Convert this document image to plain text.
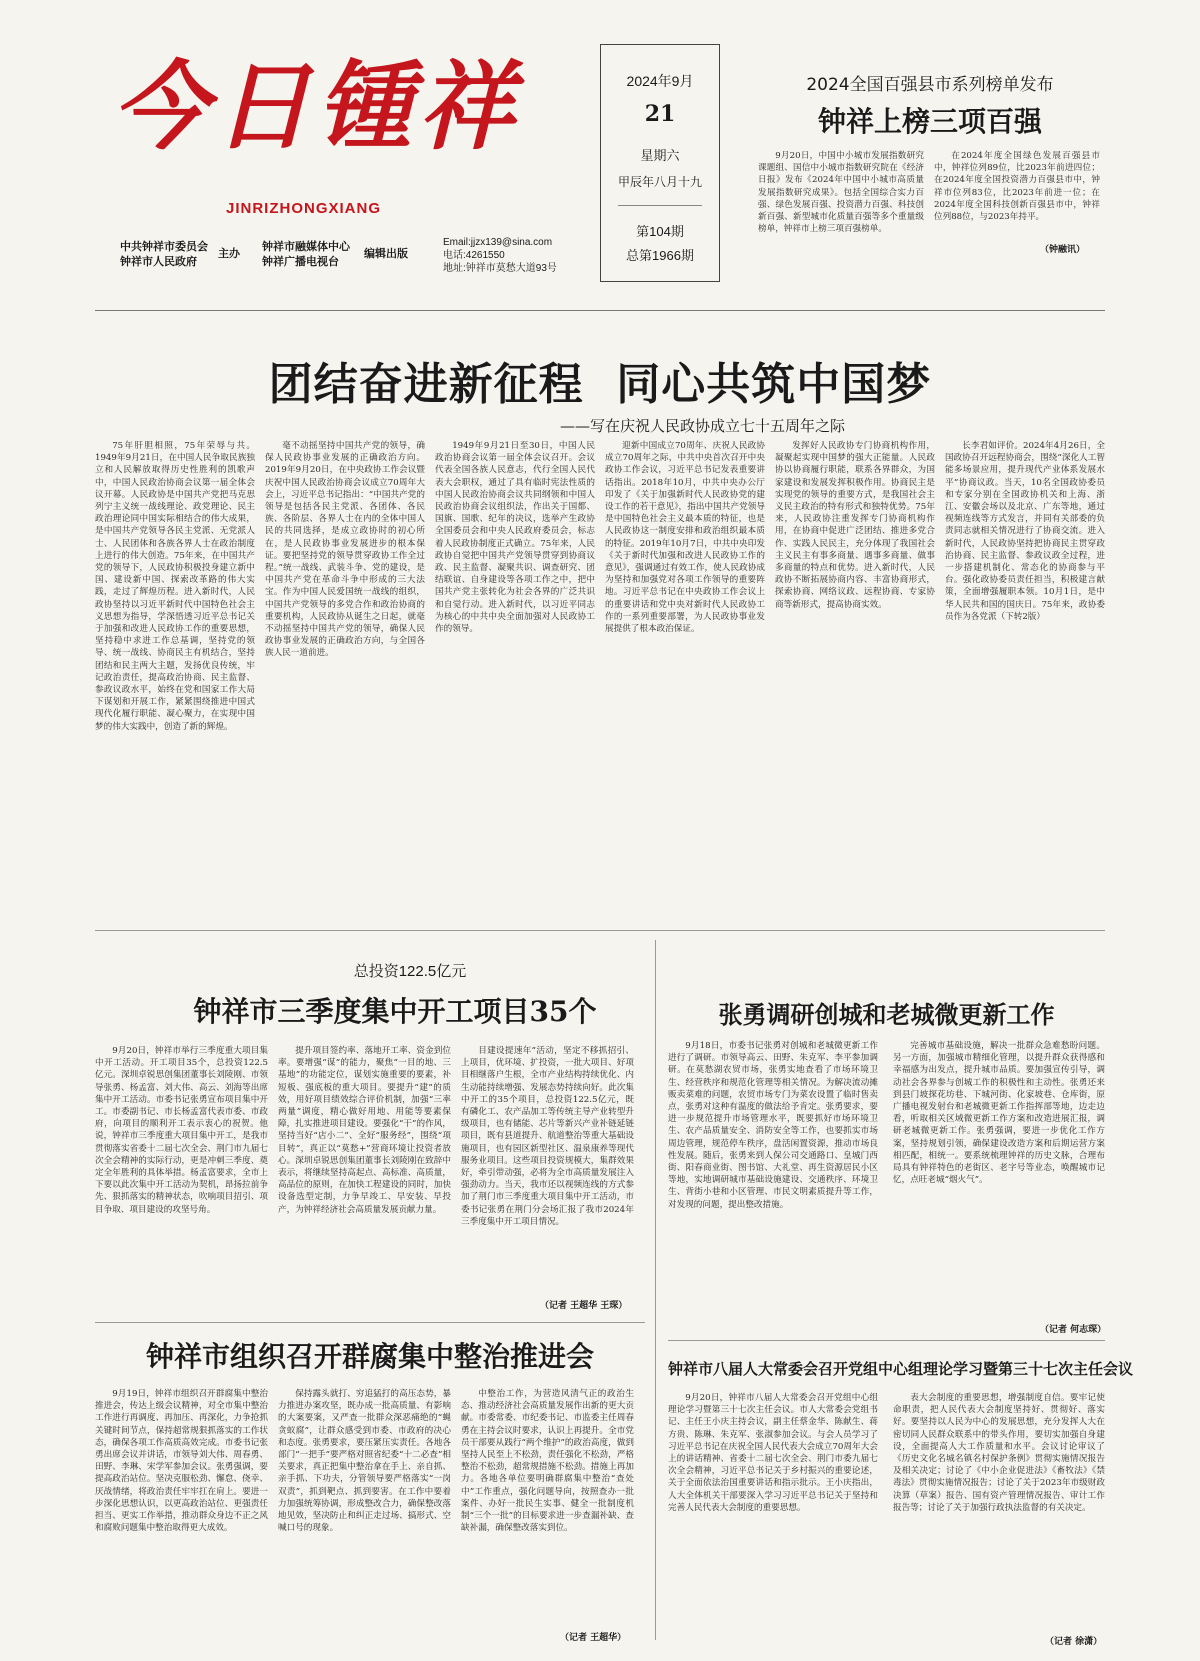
今日锺祥
JINRIZHONGXIANG
中共钟祥市委员会
钟祥市人民政府
主办
钟祥市融媒体中心
钟祥广播电视台
编辑出版
Email:jjzx139@sina.com
电话:4261550
地址:钟祥市莫愁大道93号
2024年9月
21
星期六
甲辰年八月十九
第104期
总第1966期
2024全国百强县市系列榜单发布
钟祥上榜三项百强

9月20日，中国中小城市发展指数研究课题组、国信中小城市指数研究院在《经济日报》发布《2024年中国中小城市高质量发展指数研究成果》。包括全国综合实力百强、绿色发展百强、投资潜力百强、科技创新百强、新型城市化质量百强等多个重量级榜单，钟祥市上榜三项百强榜单。

在2024年度全国绿色发展百强县市中，钟祥位列89位，比2023年前进四位；在2024年度全国投资潜力百强县市中，钟祥市位列83位，比2023年前进一位；在2024年度全国科技创新百强县市中，钟祥位列88位，与2023年持平。

（钟融讯）
团结奋进新征程  同心共筑中国梦
——写在庆祝人民政协成立七十五周年之际

75年肝胆相照，75年荣辱与共。1949年9月21日，在中国人民争取民族独立和人民解放取得历史性胜利的凯歌声中，中国人民政治协商会议第一届全体会议开幕。人民政协是中国共产党把马克思列宁主义统一战线理论、政党理论、民主政治理论同中国实际相结合的伟大成果，是中国共产党领导各民主党派、无党派人士、人民团体和各族各界人士在政治制度上进行的伟大创造。75年来，在中国共产党的领导下，人民政协积极投身建立新中国、建设新中国、探索改革路的伟大实践，走过了辉煌历程。进入新时代，人民政协坚持以习近平新时代中国特色社会主义思想为指导，学深悟透习近平总书记关于加强和改进人民政协工作的重要思想，坚持稳中求进工作总基调，坚持党的领导、统一战线、协商民主有机结合，坚持团结和民主两大主题，发扬优良传统，牢记政治责任，提高政治协商、民主监督、参政议政水平，始终在党和国家工作大局下谋划和开展工作，紧紧围绕推进中国式现代化履行职能、凝心聚力，在实现中国梦的伟大实践中，创造了新的辉煌。

毫不动摇坚持中国共产党的领导，确保人民政协事业发展的正确政治方向。2019年9月20日，在中央政协工作会议暨庆祝中国人民政治协商会议成立70周年大会上，习近平总书记指出：“中国共产党的领导是包括各民主党派、各团体、各民族、各阶层、各界人士在内的全体中国人民的共同选择，是成立政协时的初心所在，是人民政协事业发展进步的根本保证。要把坚持党的领导贯穿政协工作全过程。”统一战线、武装斗争、党的建设，是中国共产党在革命斗争中形成的三大法宝。作为中国人民爱国统一战线的组织，中国共产党领导的多党合作和政治协商的重要机构，人民政协从诞生之日起，就毫不动摇坚持中国共产党的领导，确保人民政协事业发展的正确政治方向，与全国各族人民一道前进。

1949年9月21日至30日，中国人民政治协商会议第一届全体会议召开。会议代表全国各族人民意志，代行全国人民代表大会职权，通过了具有临时宪法性质的中国人民政治协商会议共同纲领和中国人民政治协商会议组织法，作出关于国都、国旗、国歌、纪年的决议，选举产生政协全国委员会和中央人民政府委员会，标志着人民政协制度正式确立。75年来，人民政协自觉把中国共产党领导贯穿到协商议政、民主监督、凝聚共识、调查研究、团结联谊、自身建设等各项工作之中，把中国共产党主张转化为社会各界的广泛共识和自觉行动。进入新时代，以习近平同志为核心的中共中央全面加强对人民政协工作的领导。

迎新中国成立70周年、庆祝人民政协成立70周年之际，中共中央首次召开中央政协工作会议，习近平总书记发表重要讲话指出。2018年10月，中共中央办公厅印发了《关于加强新时代人民政协党的建设工作的若干意见》，指出中国共产党领导是中国特色社会主义最本质的特征，也是人民政协这一制度安排和政治组织最本质的特征。2019年10月7日，中共中央印发《关于新时代加强和改进人民政协工作的意见》，强调通过有效工作，使人民政协成为坚持和加强党对各项工作领导的重要阵地。习近平总书记在中央政协工作会议上的重要讲话和党中央对新时代人民政协工作的一系列重要部署，为人民政协事业发展提供了根本政治保证。

发挥好人民政协专门协商机构作用，凝聚起实现中国梦的强大正能量。人民政协以协商履行职能，联系各界群众，为国家建设和发展发挥积极作用。协商民主是实现党的领导的重要方式，是我国社会主义民主政治的特有形式和独特优势。75年来，人民政协注重发挥专门协商机构作用，在协商中促进广泛团结、推进多党合作、实践人民民主，充分体现了我国社会主义民主有事多商量、遇事多商量、做事多商量的特点和优势。进入新时代，人民政协不断拓展协商内容、丰富协商形式，探索协商、网络议政、远程协商、专家协商等新形式，提高协商实效。

长李君如评价。2024年4月26日，全国政协召开远程协商会，围绕“深化人工智能多场景应用，提升现代产业体系发展水平”协商议政。当天，10名全国政协委员和专家分别在全国政协机关和上海、浙江、安徽会场以及北京、广东等地，通过视频连线等方式发言，并同有关部委的负责同志就相关情况进行了协商交流。进入新时代，人民政协坚持把协商民主贯穿政治协商、民主监督、参政议政全过程，进一步搭建机制化、常态化的协商参与平台。强化政协委员责任担当，积极建言献策，全面增强履职本领。10月1日，是中华人民共和国的国庆日。75年来，政协委员作为各党派（下转2版）

总投资122.5亿元
钟祥市三季度集中开工项目35个

9月20日，钟祥市举行三季度重大项目集中开工活动。开工项目35个，总投资122.5亿元。深圳卓锐思创集团董事长刘陵刚、市领导张勇、杨孟富、刘大伟、高云、刘海等出席集中开工活动。市委书记张勇宣布项目集中开工。市委副书记、市长杨孟富代表市委、市政府，向项目的顺利开工表示衷心的祝贺。他说，钟祥市三季度重大项目集中开工，是我市贯彻落实省委十二届七次全会、荆门市九届七次全会精神的实际行动，更是冲刺三季度、奠定全年胜利的具体举措。杨孟富要求，全市上下要以此次集中开工活动为契机，昂扬拉前争先、狠抓落实的精神状态，吹响项目招引、项目争取、项目建设的攻坚号角。

提升项目签约率、落地开工率、资金到位率。要增强“谋”的能力，聚焦“一目的地、三基地”的功能定位，谋划实施重要的要素，补短板、强底板的重大项目。要提升“建”的质效，用好项目绩效综合评价机制，加强“三率两量”调度，精心做好用地、用能等要素保障，扎实推进项目建设。要强化“干”的作风，坚持当好“店小二”、全好“服务经”，围绕“项目转”，真正以“莫愁+”营商环境让投资者放心。深圳卓锐思创集团董事长刘陵刚在致辞中表示，将继续坚持高起点、高标准、高质量，高品位的原则，在加快工程建设的同时，加快设备选型定制，力争早竣工、早安装、早投产，为钟祥经济社会高质量发展贡献力量。

目建设提速年”活动，坚定不移抓招引、上项目，优环境、扩投资，一批大项目、好项目相继落户生根，全市产业结构持续优化、内生动能持续增强、发展态势持续向好。此次集中开工的35个项目，总投资122.5亿元，既有磷化工、农产品加工等传统主导产业转型升级项目，也有储能、芯片等新兴产业补链延链项目，既有县道提升、航道整治等重大基础设施项目，也有园区新型社区、温泉康养等现代服务业项目。这些项目投资规模大，集群效果好，牵引带动强，必将为全市高质量发展注入强劲动力。当天，我市还以视频连线的方式参加了荆门市三季度重大项目集中开工活动，市委书记张勇在荆门分会场汇报了我市2024年三季度集中开工项目情况。

（记者 王超华 王琛）
钟祥市组织召开群腐集中整治推进会

9月19日，钟祥市组织召开群腐集中整治推进会，传达上级会议精神，对全市集中整治工作进行再调度、再加压、再深化，力争抢抓关键时间节点，保持超常规狠抓落实的工作状态，确保各项工作高质高效完成。市委书记张勇出席会议并讲话，市领导刘大伟、周春勇、田野、李琳、宋学军参加会议。张勇强调，要提高政治站位。坚决克服松劲、懈怠、侥幸、厌战情绪，将政治责任牢牢扛在肩上。要进一步深化思想认识，以更高政治站位、更强责任担当、更实工作举措，推动群众身边不正之风和腐败问题集中整治取得更大成效。

保持露头就打、穷追猛打的高压态势，暴力推进办案攻坚，既办成一批高质量、有影响的大案要案，又严查一批群众深恶痛绝的“蝇贪蚁腐”，让群众感受到市委、市政府的决心和态度。张勇要求，要压紧压实责任。各地各部门“一把手”要严格对照省纪委“十二必查”相关要求，真正把集中整治拿在手上、亲自抓、亲手抓、下功夫，分管领导要严格落实“一岗双责”，抓到靶点、抓到要害。在工作中要着力加强统筹协调，形成整改合力，确保整改落地见效，坚决防止和纠正走过场、搞形式、空喊口号的现象。

中整治工作，为营造风清气正的政治生态、推动经济社会高质量发展作出新的更大贡献。市委常委、市纪委书记、市监委主任周春勇在主持会议时要求，认识上再提升。全市党员干部要从践行“两个维护”的政治高度，做到坚持人民至上不松劲，责任强化不松劲，严格整治不松劲，超常规措施不松劲。措施上再加力。各地各单位要明确群腐集中整治“查处中”工作重点，强化问题导向，按照查办一批案件、办好一批民生实事、健全一批制度机制“三个一批”的目标要求进一步查漏补缺、查缺补漏，确保整改落实到位。

（记者 王超华）
张勇调研创城和老城微更新工作

9月18日，市委书记张勇对创城和老城微更新工作进行了调研。市领导高云、田野、朱克军、李平参加调研。在莫愁湖农贸市场，张勇实地查看了市场环境卫生、经营秩序和规范化管理等相关情况。为解决流动摊贩卖菜难的问题，农贸市场专门为菜农设置了临时售卖点，张勇对这种有温度的做法给予肯定。张勇要求，要进一步规范提升市场管理水平，既要抓好市场环境卫生、农产品质量安全、消防安全等工作，也要抓实市场周边管理，规范停车秩序，盘活闲置资源，推动市场良性发展。随后，张勇来到人保公司交通路口、皇城门西街、阳春商业街、图书馆、大礼堂、再生资源居民小区等地，实地调研城市基础设施建设、交通秩序、环境卫生、背街小巷和小区管理、市民文明素质提升等工作，对发现的问题，提出整改措施。

完善城市基础设施，解决一批群众急难愁盼问题。另一方面，加强城市精细化管理，以提升群众获得感和幸福感为出发点，提升城市品质。要加强宣传引导，调动社会各界参与创城工作的积极性和主动性。张勇还来到县门坡探花坊巷、下城河街、化家坡巷、仓库街，原广播电视发射台和老城微更新工作指挥部等地，边走边看，听取相关区域微更新工作方案和改造进展汇报，调研老城微更新工作。张勇强调，要进一步优化工作方案，坚持规划引领，确保建设改造方案和后期运营方案相匹配，相统一。要系统梳理钟祥的历史文脉，合理布局具有钟祥特色的老街区、老字号等业态，唤醒城市记忆，点旺老城“烟火气”。

（记者 何志琛）
钟祥市八届人大常委会召开党组中心组理论学习暨第三十七次主任会议

9月20日，钟祥市八届人大常委会召开党组中心组理论学习暨第三十七次主任会议。市人大常委会党组书记、主任王小庆主持会议，副主任蔡金华、陈献生、蒋方贵、陈琳、朱克军、张淑参加会议。与会人员学习了习近平总书记在庆祝全国人民代表大会成立70周年大会上的讲话精神、省委十二届七次全会、荆门市委九届七次全会精神，习近平总书记关于乡村振兴的重要论述，关于全面依法治国重要讲话和指示批示。王小庆指出，人大全体机关干部要深入学习习近平总书记关于坚持和完善人民代表大会制度的重要思想。

表大会制度的重要思想，增强制度自信。要牢记使命职责，把人民代表大会制度坚持好、贯彻好、落实好。要坚持以人民为中心的发展思想，充分发挥人大在密切同人民群众联系中的带头作用，要切实加强自身建设，全面提高人大工作质量和水平。会议讨论审议了《历史文化名城名镇名村保护条例》贯彻实施情况报告及相关决定；讨论了《中小企业促进法》《畜牧法》《禁毒法》贯彻实施情况报告；讨论了关于2023年市级财政决算（草案）报告、国有资产管理情况报告、审计工作报告等；讨论了关于加强行政执法监督的有关决定。

（记者 徐潇）
